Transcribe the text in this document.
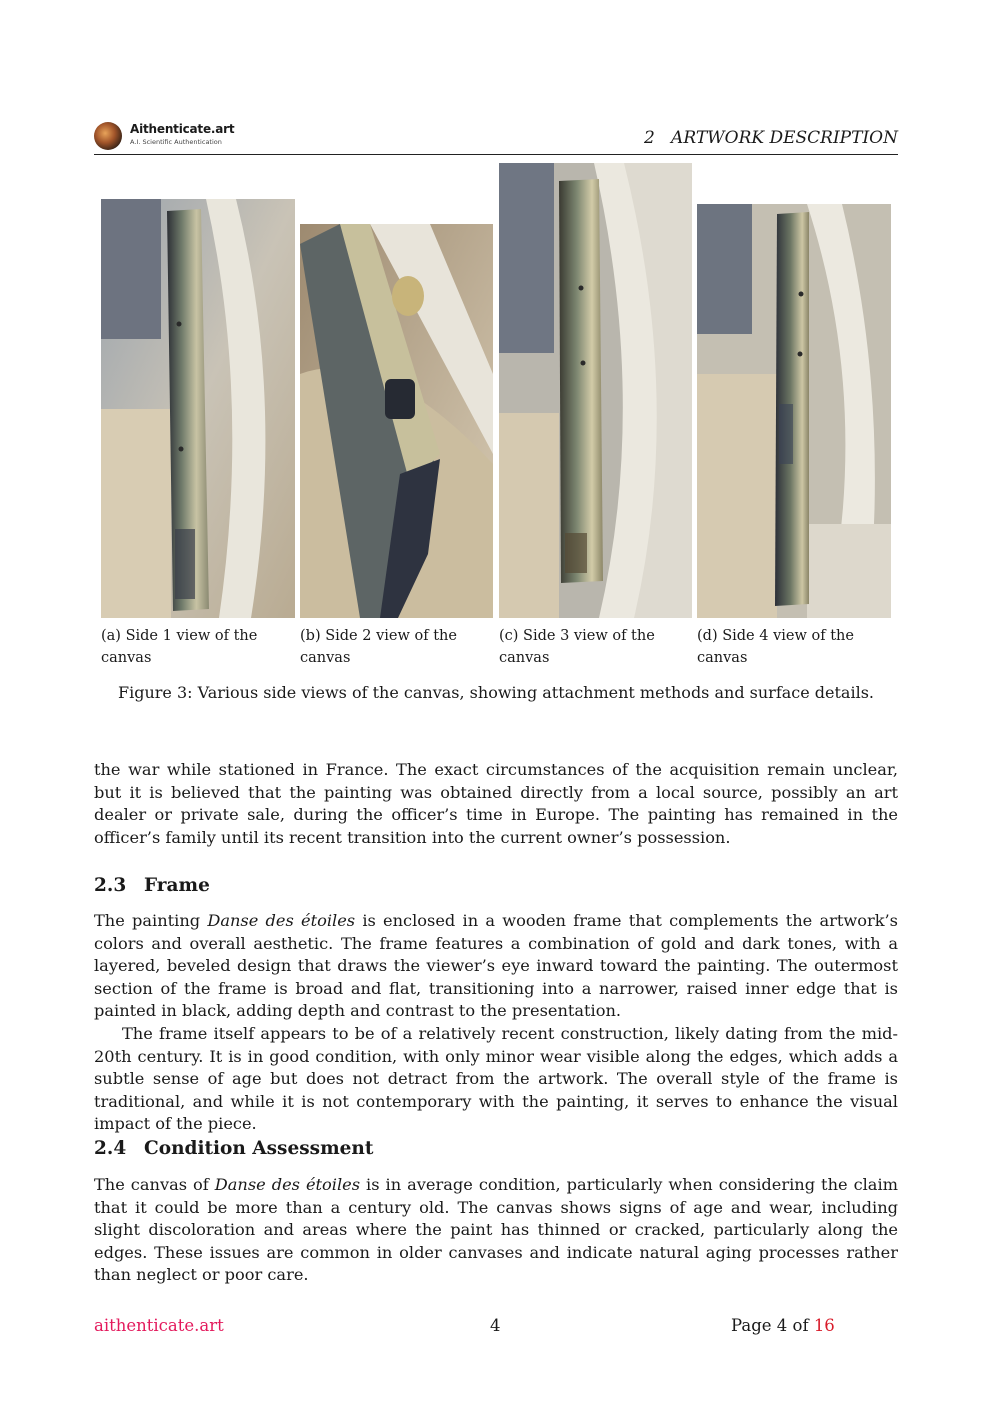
Aithenticate.art
A.I. Scientific Authentication	2   ARTWORK DESCRIPTION
(a) Side 1 view of the canvas
(b) Side 2 view of the canvas
(c) Side 3 view of the canvas
(d) Side 4 view of the canvas
Figure 3: Various side views of the canvas, showing attachment methods and surface details.

the war while stationed in France. The exact circumstances of the acquisition remain unclear, but it is believed that the painting was obtained directly from a local source, possibly an art dealer or private sale, during the officer’s time in Europe. The painting has remained in the officer’s family until its recent transition into the current owner’s possession.

2.3 Frame

The painting Danse des étoiles is enclosed in a wooden frame that complements the artwork’s colors and overall aesthetic. The frame features a combination of gold and dark tones, with a layered, beveled design that draws the viewer’s eye inward toward the painting. The outermost section of the frame is broad and flat, transitioning into a narrower, raised inner edge that is painted in black, adding depth and contrast to the presentation.

The frame itself appears to be of a relatively recent construction, likely dating from the mid-20th century. It is in good condition, with only minor wear visible along the edges, which adds a subtle sense of age but does not detract from the artwork. The overall style of the frame is traditional, and while it is not contemporary with the painting, it serves to enhance the visual impact of the piece.

2.4 Condition Assessment

The canvas of Danse des étoiles is in average condition, particularly when considering the claim that it could be more than a century old. The canvas shows signs of age and wear, including slight discoloration and areas where the paint has thinned or cracked, particularly along the edges. These issues are common in older canvases and indicate natural aging processes rather than neglect or poor care.

aithenticate.art	4	Page 4 of 16
